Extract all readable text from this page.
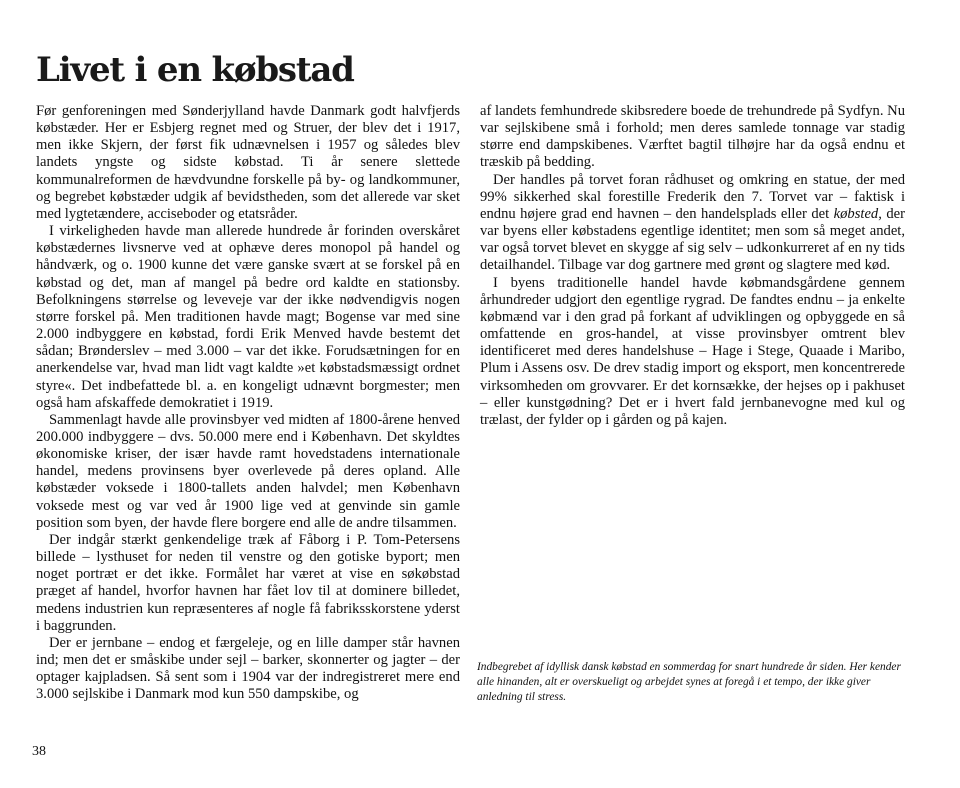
Livet i en købstad

Før genforeningen med Sønderjylland havde Danmark godt halvfjerds købstæder. Her er Esbjerg regnet med og Struer, der blev det i 1917, men ikke Skjern, der først fik udnævnelsen i 1957 og således blev landets yngste og sidste købstad. Ti år senere slettede kommunalreformen de hævdvundne forskelle på by- og landkommuner, og begrebet købstæder udgik af bevidstheden, som det allerede var sket med lygtetændere, acciseboder og etatsråder.

I virkeligheden havde man allerede hundrede år forinden overskåret købstædernes livsnerve ved at ophæve deres monopol på handel og håndværk, og o. 1900 kunne det være ganske svært at se forskel på en købstad og det, man af mangel på bedre ord kaldte en stationsby. Befolkningens størrelse og leveveje var der ikke nødvendigvis nogen større forskel på. Men traditionen havde magt; Bogense var med sine 2.000 indbyggere en købstad, fordi Erik Menved havde bestemt det sådan; Brønderslev – med 3.000 – var det ikke. Forudsætningen for en anerkendelse var, hvad man lidt vagt kaldte »et købstadsmæssigt ordnet styre«. Det indbefattede bl. a. en kongeligt udnævnt borgmester; men også ham afskaffede demokratiet i 1919.

Sammenlagt havde alle provinsbyer ved midten af 1800-årene henved 200.000 indbyggere – dvs. 50.000 mere end i København. Det skyldtes økonomiske kriser, der især havde ramt hovedstadens internationale handel, medens provinsens byer overlevede på deres opland. Alle købstæder voksede i 1800-tallets anden halvdel; men København voksede mest og var ved år 1900 lige ved at genvinde sin gamle position som byen, der havde flere borgere end alle de andre tilsammen.

Der indgår stærkt genkendelige træk af Fåborg i P. Tom-Petersens billede – lysthuset for neden til venstre og den gotiske byport; men noget portræt er det ikke. Formålet har været at vise en søkøbstad præget af handel, hvorfor havnen har fået lov til at dominere billedet, medens industrien kun repræsenteres af nogle få fabriksskorstene yderst i baggrunden.

Der er jernbane – endog et færgeleje, og en lille damper står havnen ind; men det er småskibe under sejl – barker, skonnerter og jagter – der optager kajpladsen. Så sent som i 1904 var der indregistreret mere end 3.000 sejlskibe i Danmark mod kun 550 dampskibe, og

af landets femhundrede skibsredere boede de trehundrede på Sydfyn. Nu var sejlskibene små i forhold; men deres samlede tonnage var stadig større end dampskibenes. Værftet bagtil tilhøjre har da også endnu et træskib på bedding.

Der handles på torvet foran rådhuset og omkring en statue, der med 99% sikkerhed skal forestille Frederik den 7. Torvet var – faktisk i endnu højere grad end havnen – den handelsplads eller det købsted, der var byens eller købstadens egentlige identitet; men som så meget andet, var også torvet blevet en skygge af sig selv – udkonkurreret af en ny tids detailhandel. Tilbage var dog gartnere med grønt og slagtere med kød.

I byens traditionelle handel havde købmandsgårdene gennem århundreder udgjort den egentlige rygrad. De fandtes endnu – ja enkelte købmænd var i den grad på forkant af udviklingen og opbyggede en så omfattende en gros-handel, at visse provinsbyer omtrent blev identificeret med deres handelshuse – Hage i Stege, Quaade i Maribo, Plum i Assens osv. De drev stadig import og eksport, men koncentrerede virksomheden om grovvarer. Er det kornsække, der hejses op i pakhuset – eller kunstgødning? Det er i hvert fald jernbanevogne med kul og trælast, der fylder op i gården og på kajen.

Indbegrebet af idyllisk dansk købstad en sommerdag for snart hundrede år siden. Her kender alle hinanden, alt er overskueligt og arbejdet synes at foregå i et tempo, der ikke giver anledning til stress.

38
